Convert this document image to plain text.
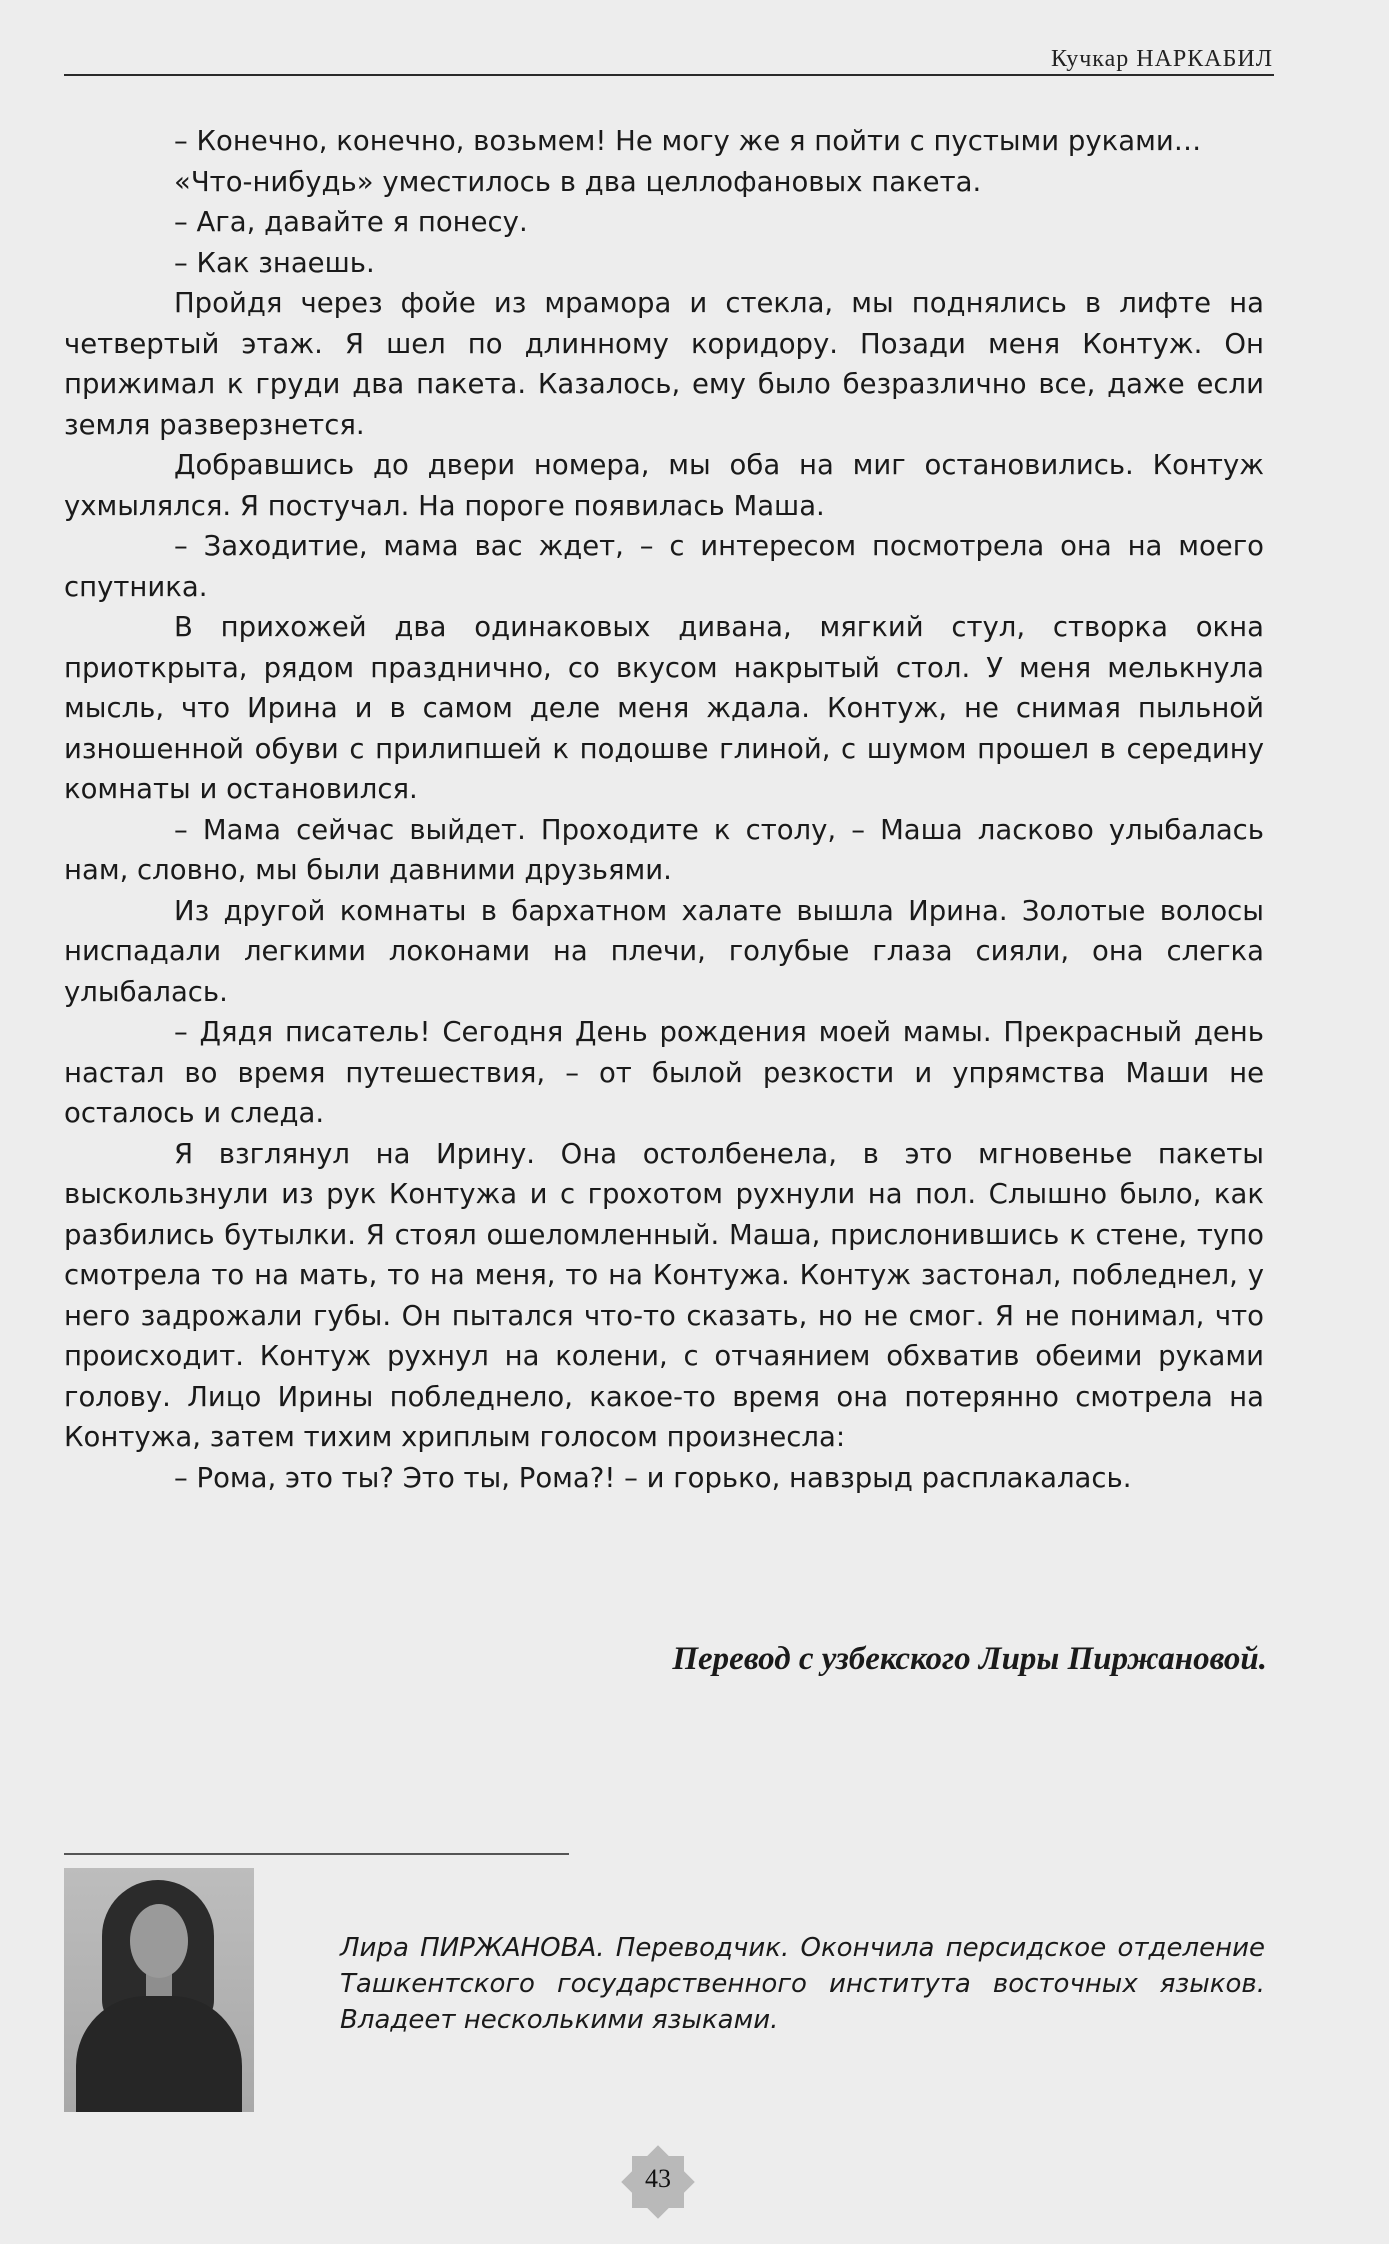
Кучкар НАРКАБИЛ

– Конечно, конечно, возьмем! Не могу же я пойти с пустыми руками…

«Что-нибудь» уместилось в два целлофановых пакета.

– Ага, давайте я понесу.

– Как знаешь.

Пройдя через фойе из мрамора и стекла, мы поднялись в лифте на четвертый этаж. Я шел по длинному коридору. Позади меня Контуж. Он прижимал к груди два пакета. Казалось, ему было безразлично все, даже если земля разверзнется.

Добравшись до двери номера, мы оба на миг остановились. Контуж ухмылялся. Я постучал. На пороге появилась Маша.

– Заходитие, мама вас ждет, – с интересом посмотрела она на моего спутника.

В прихожей два одинаковых дивана, мягкий стул, створка окна приоткрыта, рядом празднично, со вкусом накрытый стол. У меня мелькнула мысль, что Ирина и в самом деле меня ждала. Контуж, не снимая пыльной изношенной обуви с прилипшей к подошве глиной, с шумом прошел в середину комнаты и остановился.

– Мама сейчас выйдет. Проходите к столу, – Маша ласково улыбалась нам, словно, мы были давними друзьями.

Из другой комнаты в бархатном халате вышла Ирина. Золотые волосы ниспадали легкими локонами на плечи, голубые глаза сияли, она слегка улыбалась.

– Дядя писатель! Сегодня День рождения моей мамы. Прекрасный день настал во время путешествия, – от былой резкости и упрямства Маши не осталось и следа.

Я взглянул на Ирину. Она остолбенела, в это мгновенье пакеты выскользнули из рук Контужа и с грохотом рухнули на пол. Слышно было, как разбились бутылки. Я стоял ошеломленный. Маша, прислонившись к стене, тупо смотрела то на мать, то на меня, то на Контужа. Контуж застонал, побледнел, у него задрожали губы. Он пытался что-то сказать, но не смог. Я не понимал, что происходит. Контуж рухнул на колени, с отчаянием обхватив обеими руками голову. Лицо Ирины побледнело, какое-то время она потерянно смотрела на Контужа, затем тихим хриплым голосом произнесла:

– Рома, это ты? Это ты, Рома?! – и горько, навзрыд расплакалась.

Перевод с узбекского Лиры Пиржановой.
Лира ПИРЖАНОВА. Переводчик. Окончила персидское отделение Ташкентского государственного института восточных языков. Владеет несколькими языками.
43
